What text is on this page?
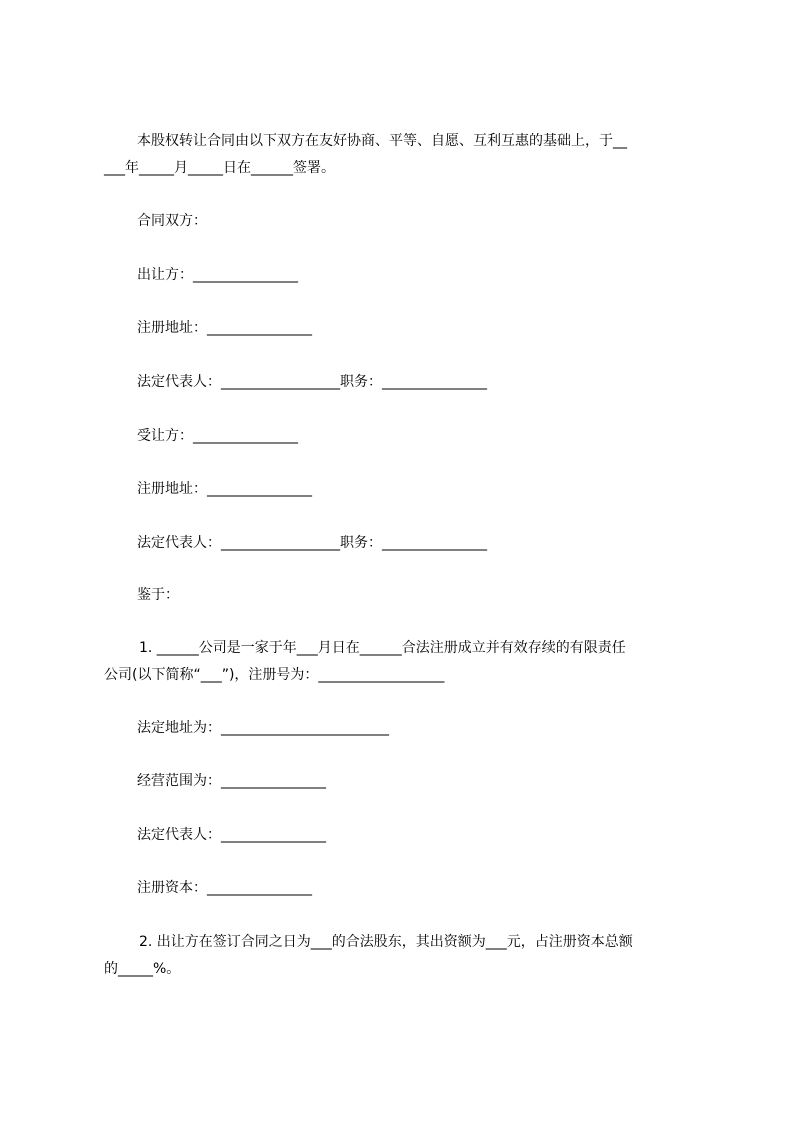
本股权转让合同由以下双方在友好协商、平等、自愿、互利互惠的基础上，于__

___年_____月_____日在______签署。

合同双方：

出让方：_______________

注册地址：_______________

法定代表人：_________________职务：_______________

受让方：_______________

注册地址：_______________

法定代表人：_________________职务：_______________

鉴于：

1. ______公司是一家于年___月日在______合法注册成立并有效存续的有限责任

公司(以下简称“___”)，注册号为：__________________

法定地址为：________________________

经营范围为：_______________

法定代表人：_______________

注册资本：_______________

2. 出让方在签订合同之日为___的合法股东，其出资额为___元，占注册资本总额

的_____%。
